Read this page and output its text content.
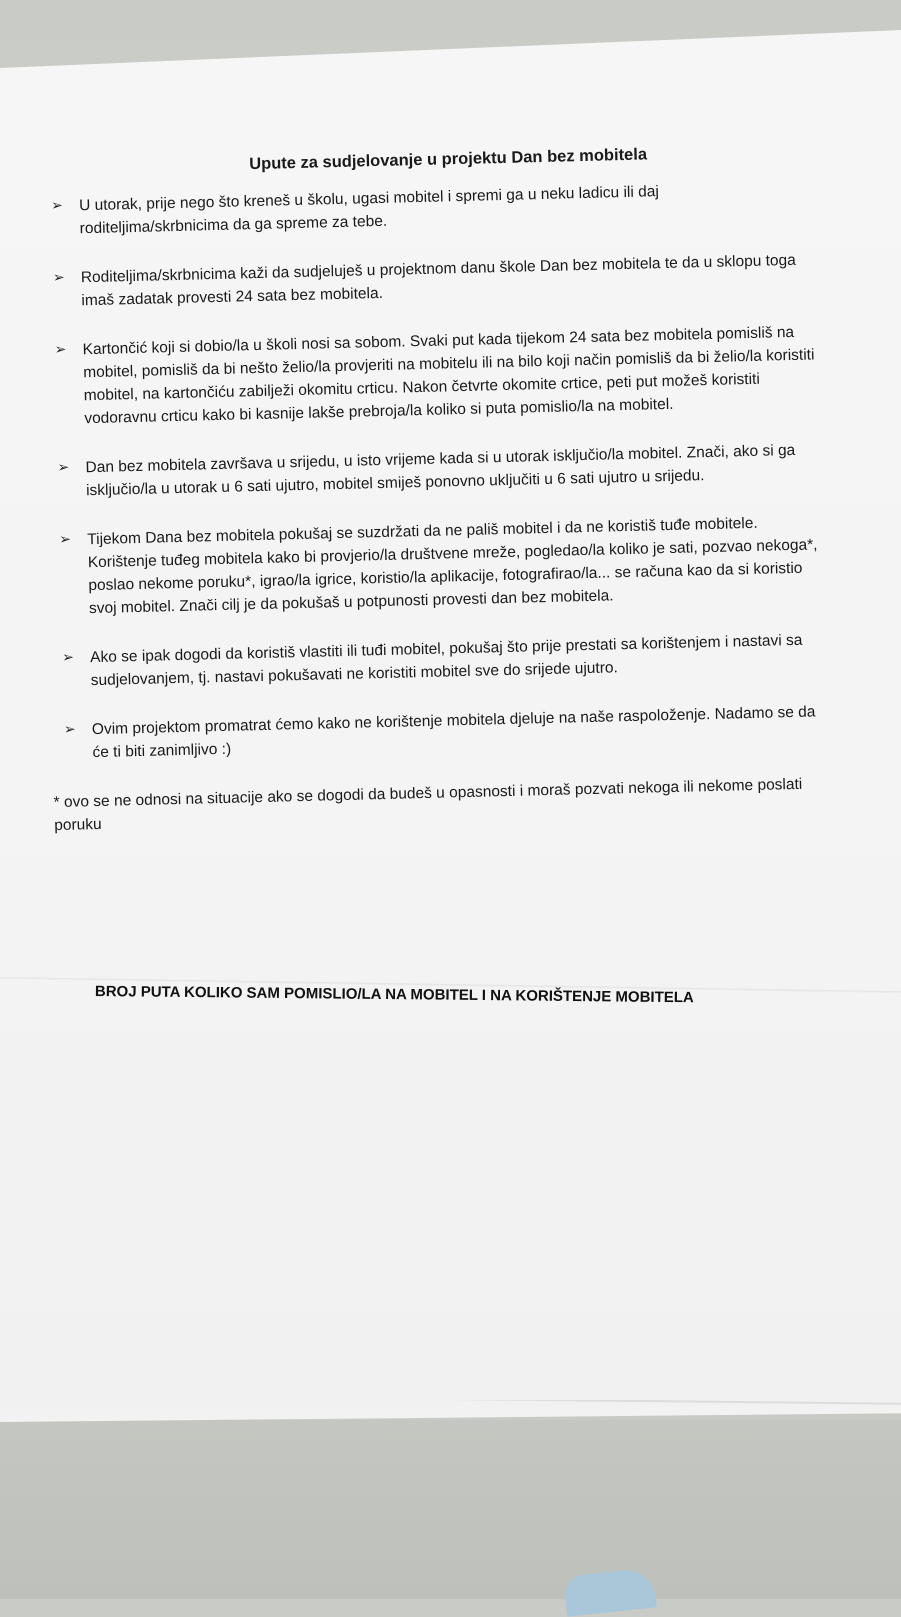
Upute za sudjelovanje u projektu Dan bez mobitela
➢	U utorak, prije nego što kreneš u školu, ugasi mobitel i spremi ga u neku ladicu ili daj roditeljima/skrbnicima da ga spreme za tebe.
➢	Roditeljima/skrbnicima kaži da sudjeluješ u projektnom danu škole Dan bez mobitela te da u sklopu toga imaš zadatak provesti 24 sata bez mobitela.
➢	Kartončić koji si dobio/la u školi nosi sa sobom. Svaki put kada tijekom 24 sata bez mobitela pomisliš na mobitel, pomisliš da bi nešto želio/la provjeriti na mobitelu ili na bilo koji način pomisliš da bi želio/la koristiti mobitel, na kartončiću zabilježi okomitu crticu. Nakon četvrte okomite crtice, peti put možeš koristiti vodoravnu crticu kako bi kasnije lakše prebroja/la koliko si puta pomislio/la na mobitel.
➢	Dan bez mobitela završava u srijedu, u isto vrijeme kada si u utorak isključio/la mobitel. Znači, ako si ga isključio/la u utorak u 6 sati ujutro, mobitel smiješ ponovno uključiti u 6 sati ujutro u srijedu.
➢	Tijekom Dana bez mobitela pokušaj se suzdržati da ne pališ mobitel i da ne koristiš tuđe mobitele. Korištenje tuđeg mobitela kako bi provjerio/la društvene mreže, pogledao/la koliko je sati, pozvao nekoga*, poslao nekome poruku*, igrao/la igrice, koristio/la aplikacije, fotografirao/la... se računa kao da si koristio svoj mobitel. Znači cilj je da pokušaš u potpunosti provesti dan bez mobitela.
➢	Ako se ipak dogodi da koristiš vlastiti ili tuđi mobitel, pokušaj što prije prestati sa korištenjem i nastavi sa sudjelovanjem, tj. nastavi pokušavati ne koristiti mobitel sve do srijede ujutro.
➢	Ovim projektom promatrat ćemo kako ne korištenje mobitela djeluje na naše raspoloženje. Nadamo se da će ti biti zanimljivo :)
* ovo se ne odnosi na situacije ako se dogodi da budeš u opasnosti i moraš pozvati nekoga ili nekome poslati poruku
BROJ PUTA KOLIKO SAM POMISLIO/LA NA MOBITEL I NA KORIŠTENJE MOBITELA
